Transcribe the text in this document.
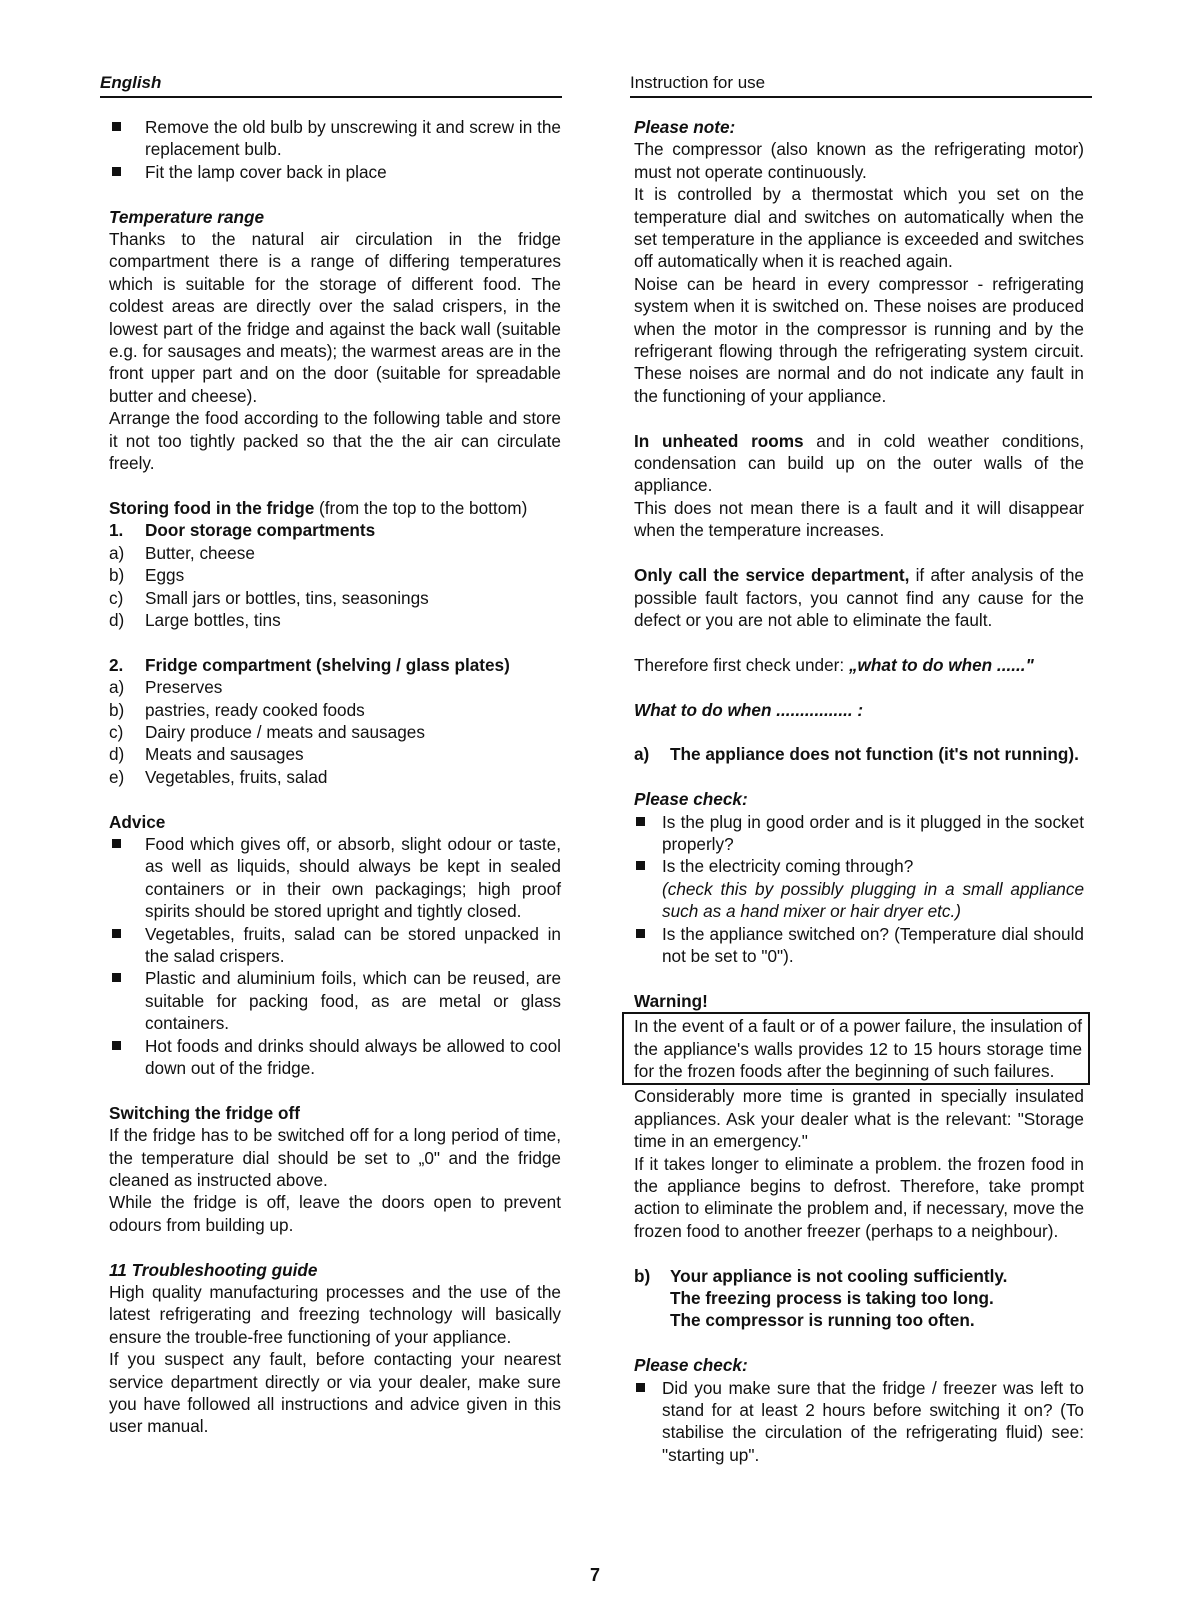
English	Instruction for use

Remove the old bulb by unscrewing it and screw in the replacement bulb.

Fit the lamp cover back in place

Temperature range

Thanks to the natural air circulation in the fridge compartment there is a range of differing temperatures which is suitable for the storage of different food. The coldest areas are directly over the salad crispers, in the lowest part of the fridge and against the back wall (suitable e.g. for sausages and meats); the warmest areas are in the front upper part and on the door (suitable for spreadable butter and cheese).

Arrange the food according to the following table and store it not too tightly packed so that the the air can circulate freely.

Storing food in the fridge (from the top to the bottom)

1.	Door storage compartments
a)	Butter, cheese
b)	Eggs
c)	Small jars or bottles, tins, seasonings
d)	Large bottles, tins
2.	Fridge compartment (shelving / glass plates)
a)	Preserves
b)	pastries, ready cooked foods
c)	Dairy produce / meats and sausages
d)	Meats and sausages
e)	Vegetables, fruits, salad

Advice

Food which gives off, or absorb, slight odour or taste, as well as liquids, should always be kept in sealed containers or in their own packagings; high proof spirits should be stored upright and tightly closed.

Vegetables, fruits, salad can be stored unpacked in the salad crispers.

Plastic and aluminium foils, which can be reused, are suitable for packing food, as are metal or glass containers.

Hot foods and drinks should always be allowed to cool down out of the fridge.

Switching the fridge off

If the fridge has to be switched off for a long period of time, the temperature dial should be set to „0" and the fridge cleaned as instructed above.

While the fridge is off, leave the doors open to prevent odours from building up.

11 Troubleshooting guide

High quality manufacturing processes and the use of the latest refrigerating and freezing technology will basically ensure the trouble-free functioning of your appliance.

If you suspect any fault, before contacting your nearest service department directly or via your dealer, make sure you have followed all instructions and advice given in this user manual.

Please note:

The compressor (also known as the refrigerating motor) must not operate continuously.

It is controlled by a thermostat which you set on the temperature dial and switches on automatically when the set temperature in the appliance is exceeded and switches off automatically when it is reached again.

Noise can be heard in every compressor - refrigerating system when it is switched on. These noises are produced when the motor in the compressor is running and by the refrigerant flowing through the refrigerating system circuit. These noises are normal and do not indicate any fault in the functioning of your appliance.

In unheated rooms and in cold weather conditions, condensation can build up on the outer walls of the appliance.

This does not mean there is a fault and it will disappear when the temperature increases.

Only call the service department, if after analysis of the possible fault factors, you cannot find any cause for the defect or you are not able to eliminate the fault.

Therefore first check under: „what to do when ......"

What to do when ................ :

a)	The appliance does not function (it's not running).

Please check:

Is the plug in good order and is it plugged in the socket properly?

Is the electricity coming through?

(check this by possibly plugging in a small appliance such as a hand mixer or hair dryer etc.)

Is the appliance switched on? (Temperature dial should not be set to "0").

Warning!

In the event of a fault or of a power failure, the insulation of the appliance's walls provides 12 to 15 hours storage time for the frozen foods after the beginning of such failures.

Considerably more time is granted in specially insulated appliances. Ask your dealer what is the relevant: "Storage time in an emergency."

If it takes longer to eliminate a problem. the frozen food in the appliance begins to defrost. Therefore, take prompt action to eliminate the problem and, if necessary, move the frozen food to another freezer (perhaps to a neighbour).

b)	Your appliance is not cooling sufficiently.
The freezing process is taking too long.
The compressor is running too often.

Please check:

Did you make sure that the fridge / freezer was left to stand for at least 2 hours before switching it on? (To stabilise the circulation of the refrigerating fluid) see: "starting up".

7
